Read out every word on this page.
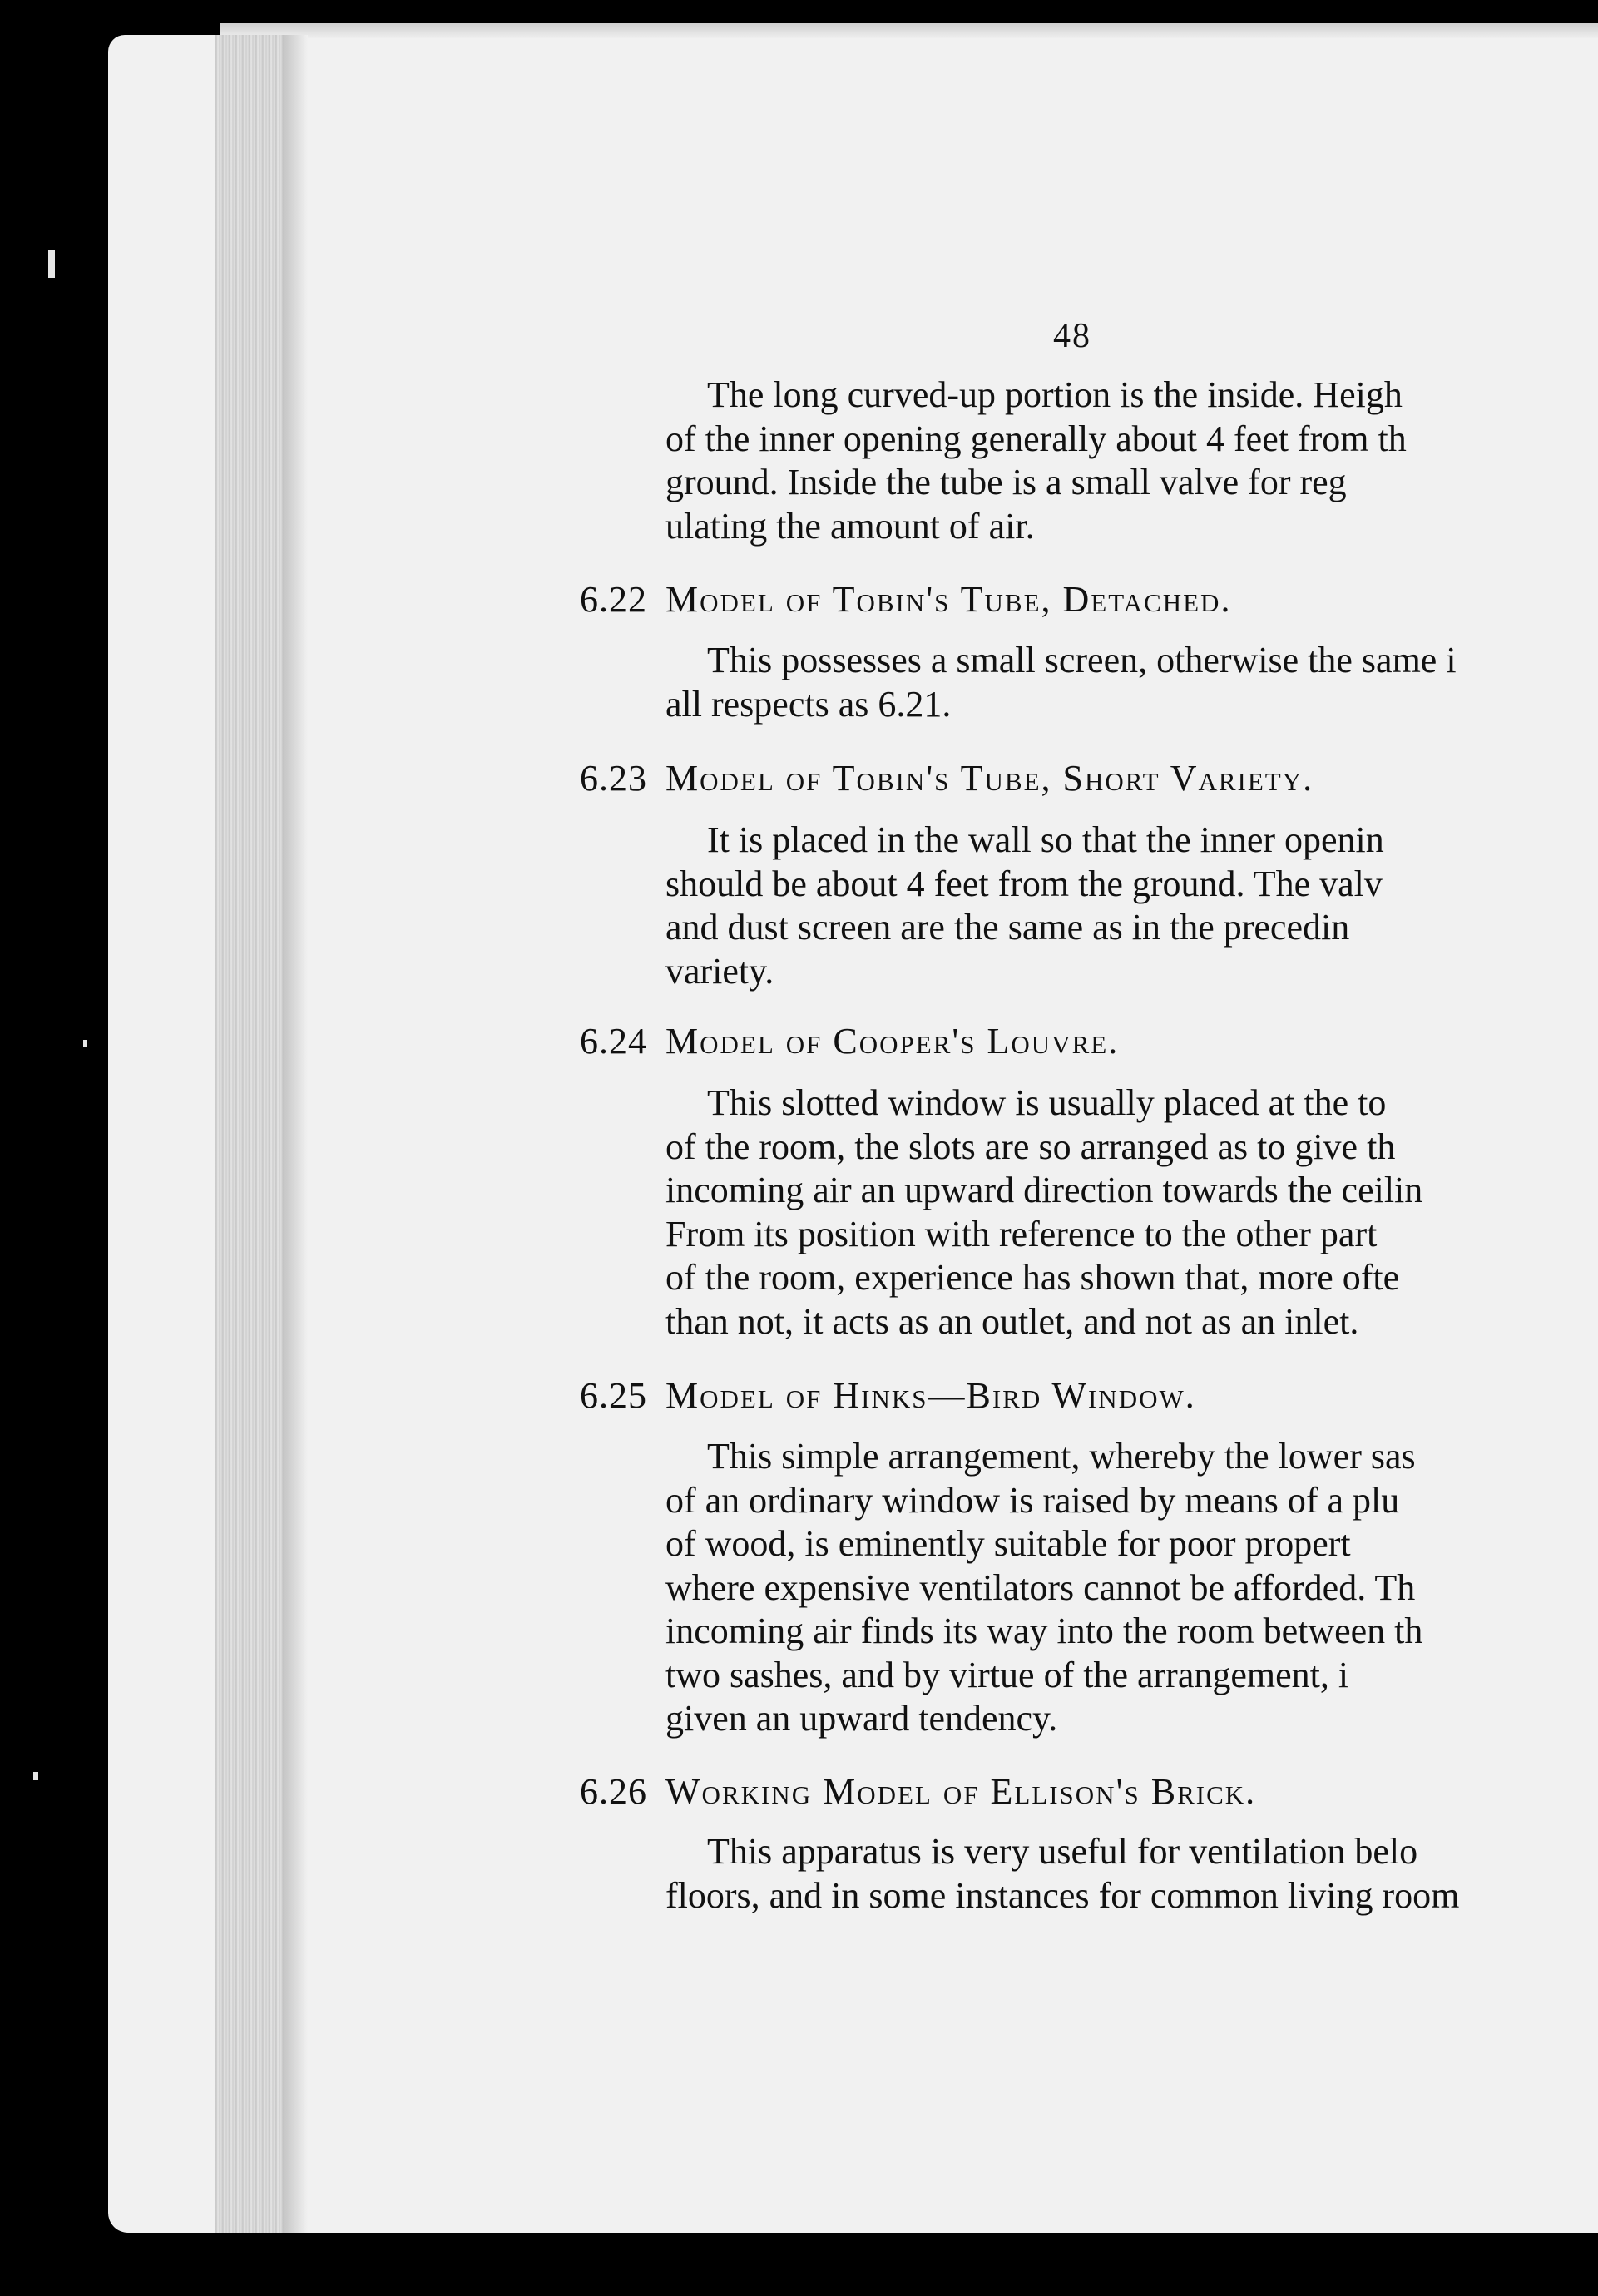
48

The long curved-up portion is the inside. Heigh
of the inner opening generally about 4 feet from th
ground. Inside the tube is a small valve for reg
ulating the amount of air.

6.22 Model of Tobin's Tube, Detached.

This possesses a small screen, otherwise the same i
all respects as 6.21.

6.23 Model of Tobin's Tube, Short Variety.

It is placed in the wall so that the inner openin
should be about 4 feet from the ground. The valv
and dust screen are the same as in the precedin
variety.

6.24 Model of Cooper's Louvre.

This slotted window is usually placed at the to
of the room, the slots are so arranged as to give th
incoming air an upward direction towards the ceilin
From its position with reference to the other part
of the room, experience has shown that, more ofte
than not, it acts as an outlet, and not as an inlet.

6.25 Model of Hinks—Bird Window.

This simple arrangement, whereby the lower sas
of an ordinary window is raised by means of a plu
of wood, is eminently suitable for poor propert
where expensive ventilators cannot be afforded. Th
incoming air finds its way into the room between th
two sashes, and by virtue of the arrangement, i
given an upward tendency.

6.26 Working Model of Ellison's Brick.

This apparatus is very useful for ventilation belo
floors, and in some instances for common living room
